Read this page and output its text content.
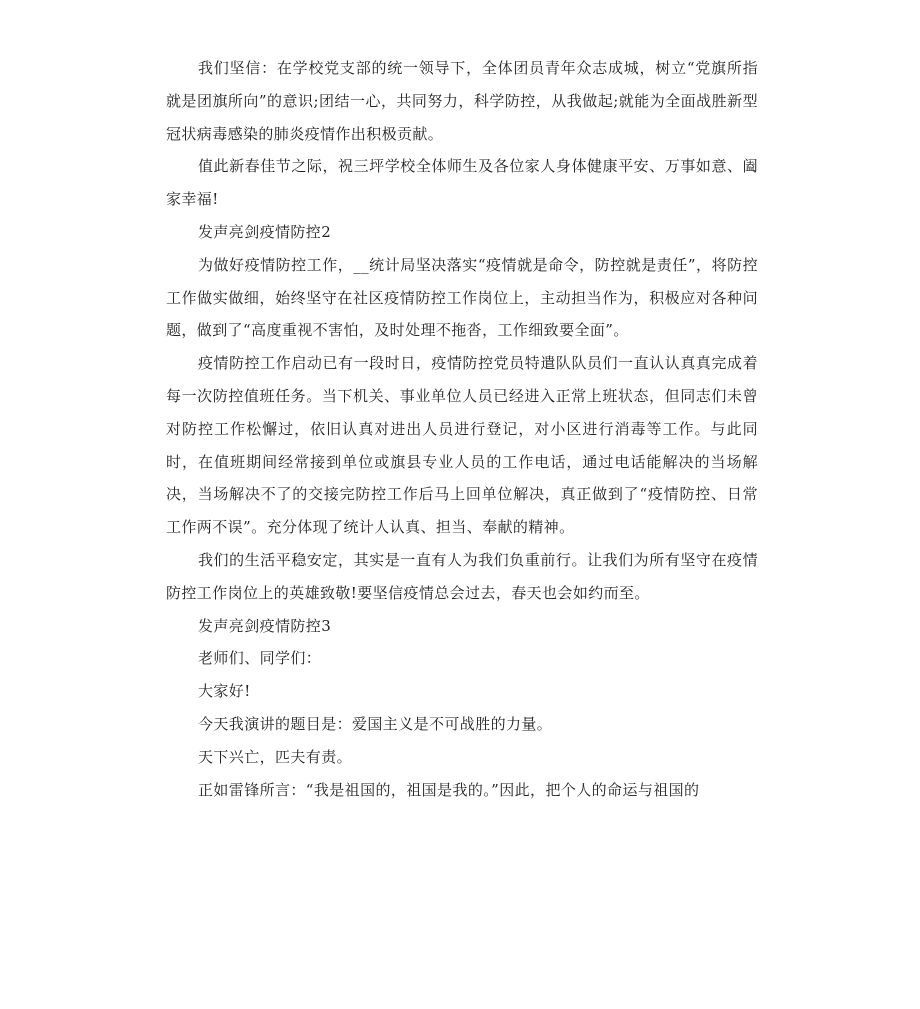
我们坚信：在学校党支部的统一领导下，全体团员青年众志成城，树立“党旗所指就是团旗所向”的意识;团结一心，共同努力，科学防控，从我做起;就能为全面战胜新型冠状病毒感染的肺炎疫情作出积极贡献。

值此新春佳节之际，祝三坪学校全体师生及各位家人身体健康平安、万事如意、阖家幸福!

发声亮剑疫情防控2

为做好疫情防控工作，__统计局坚决落实“疫情就是命令，防控就是责任”，将防控工作做实做细，始终坚守在社区疫情防控工作岗位上，主动担当作为，积极应对各种问题，做到了“高度重视不害怕，及时处理不拖沓，工作细致要全面”。

疫情防控工作启动已有一段时日，疫情防控党员特遣队队员们一直认认真真完成着每一次防控值班任务。当下机关、事业单位人员已经进入正常上班状态，但同志们未曾对防控工作松懈过，依旧认真对进出人员进行登记，对小区进行消毒等工作。与此同时，在值班期间经常接到单位或旗县专业人员的工作电话，通过电话能解决的当场解决，当场解决不了的交接完防控工作后马上回单位解决，真正做到了“疫情防控、日常工作两不误”。充分体现了统计人认真、担当、奉献的精神。

我们的生活平稳安定，其实是一直有人为我们负重前行。让我们为所有坚守在疫情防控工作岗位上的英雄致敬!要坚信疫情总会过去，春天也会如约而至。

发声亮剑疫情防控3

老师们、同学们：

大家好!

今天我演讲的题目是：爱国主义是不可战胜的力量。

天下兴亡，匹夫有责。

正如雷锋所言：“我是祖国的，祖国是我的。”因此，把个人的命运与祖国的
